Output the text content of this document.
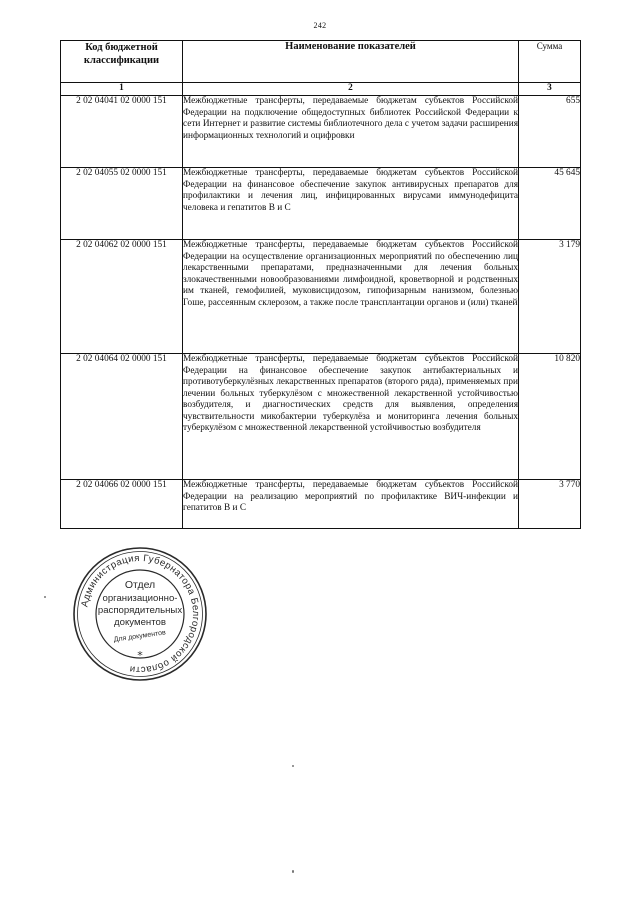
242
Код бюджетной классификации	Наименование показателей	Сумма
1	2	3
2 02 04041 02 0000 151	Межбюджетные трансферты, передаваемые бюджетам субъектов Российской Федерации на подключение общедоступных библиотек Российской Федерации к сети Интернет и развитие системы библиотечного дела с учетом задачи расширения информационных технологий и оцифровки	655
2 02 04055 02 0000 151	Межбюджетные трансферты, передаваемые бюджетам субъектов Российской Федерации на финансовое обеспечение закупок антивирусных препаратов для профилактики и лечения лиц, инфицированных вирусами иммунодефицита человека и гепатитов B и C	45 645
2 02 04062 02 0000 151	Межбюджетные трансферты, передаваемые бюджетам субъектов Российской Федерации на осуществление организационных мероприятий по обеспечению лиц лекарственными препаратами, предназначенными для лечения больных злокачественными новообразованиями лимфоидной, кроветворной и родственных им тканей, гемофилией, муковисцидозом, гипофизарным нанизмом, болезнью Гоше, рассеянным склерозом, а также после трансплантации органов и (или) тканей	3 179
2 02 04064 02 0000 151	Межбюджетные трансферты, передаваемые бюджетам субъектов Российской Федерации на финансовое обеспечение закупок антибактериальных и противотуберкулёзных лекарственных препаратов (второго ряда), применяемых при лечении больных туберкулёзом с множественной лекарственной устойчивостью возбудителя, и диагностических средств для выявления, определения чувствительности микобактерии туберкулёза и мониторинга лечения больных туберкулёзом с множественной лекарственной устойчивостью возбудителя	10 820
2 02 04066 02 0000 151	Межбюджетные трансферты, передаваемые бюджетам субъектов Российской Федерации на реализацию мероприятий по профилактике ВИЧ-инфекции и гепатитов B и C	3 770
Администрация Губернатора Белгородской области
Отдел
организационно-
распорядительных
документов
Для документов
*
